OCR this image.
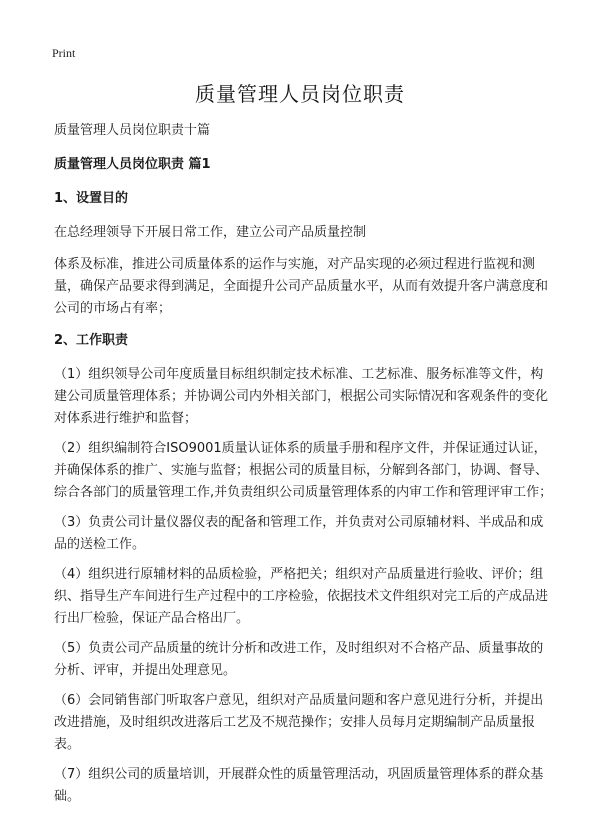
Print
质量管理人员岗位职责

质量管理人员岗位职责十篇

质量管理人员岗位职责 篇1

1、设置目的

在总经理领导下开展日常工作，建立公司产品质量控制

体系及标准，推进公司质量体系的运作与实施，对产品实现的必须过程进行监视和测量，确保产品要求得到满足，全面提升公司产品质量水平，从而有效提升客户满意度和公司的市场占有率；

2、工作职责

（1）组织领导公司年度质量目标组织制定技术标准、工艺标准、服务标准等文件，构建公司质量管理体系；并协调公司内外相关部门，根据公司实际情况和客观条件的变化对体系进行维护和监督；

（2）组织编制符合ISO9001质量认证体系的质量手册和程序文件，并保证通过认证，并确保体系的推广、实施与监督；根据公司的质量目标，分解到各部门，协调、督导、综合各部门的质量管理工作,并负责组织公司质量管理体系的内审工作和管理评审工作；

（3）负责公司计量仪器仪表的配备和管理工作，并负责对公司原辅材料、半成品和成品的送检工作。

（4）组织进行原辅材料的品质检验，严格把关；组织对产品质量进行验收、评价；组织、指导生产车间进行生产过程中的工序检验，依据技术文件组织对完工后的产成品进行出厂检验，保证产品合格出厂。

（5）负责公司产品质量的统计分析和改进工作，及时组织对不合格产品、质量事故的分析、评审，并提出处理意见。

（6）会同销售部门听取客户意见，组织对产品质量问题和客户意见进行分析，并提出改进措施，及时组织改进落后工艺及不规范操作；安排人员每月定期编制产品质量报表。

（7）组织公司的质量培训，开展群众性的质量管理活动，巩固质量管理体系的群众基础。
